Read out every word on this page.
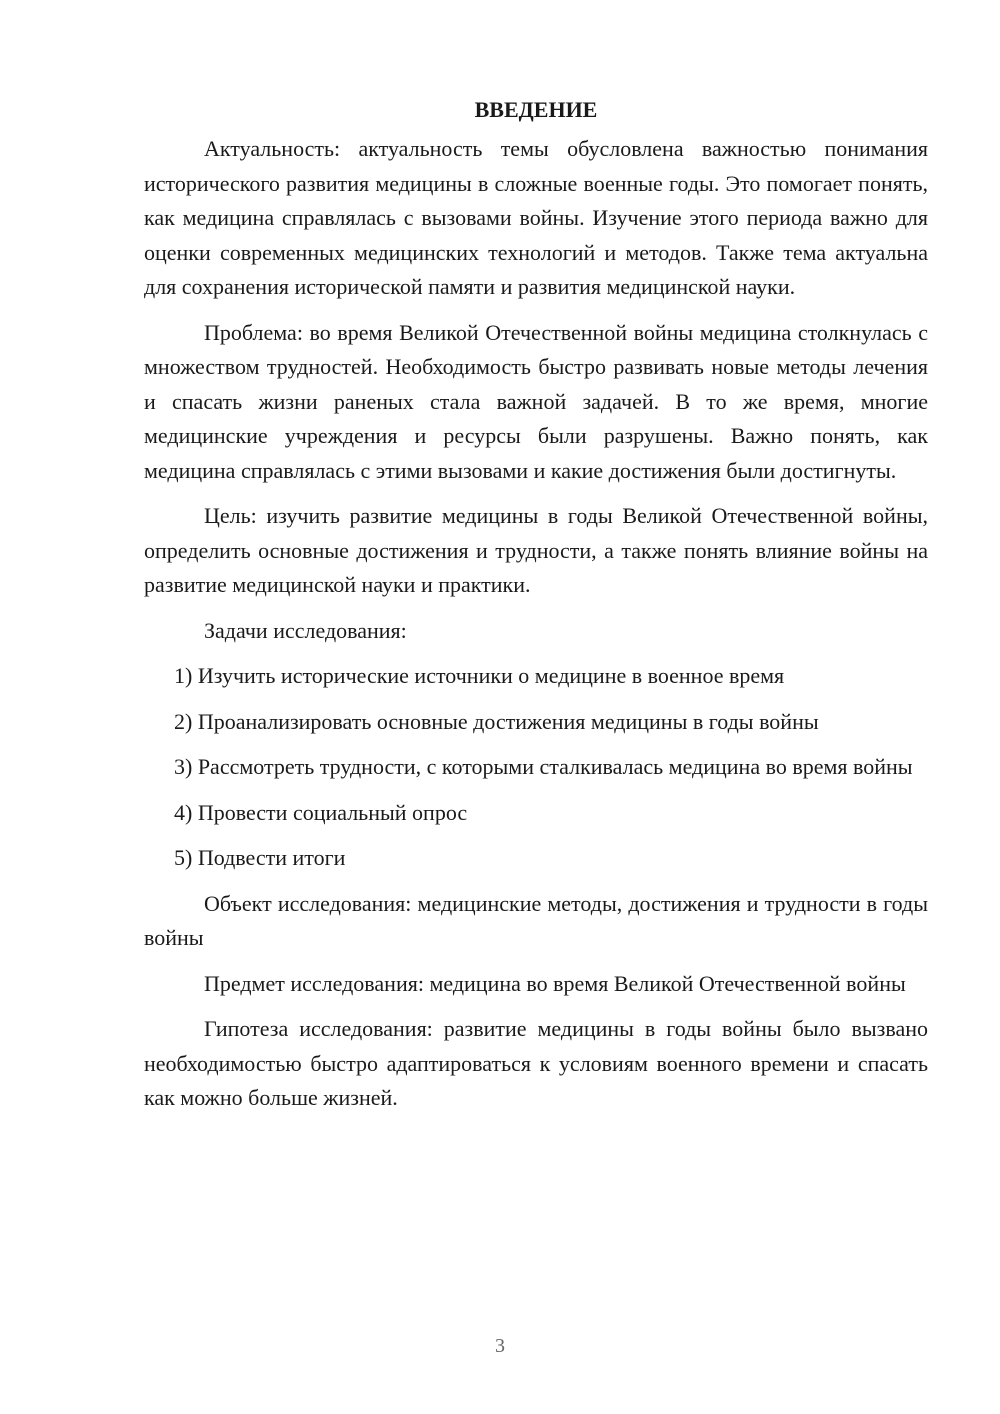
ВВЕДЕНИЕ

Актуальность: актуальность темы обусловлена важностью понимания исторического развития медицины в сложные военные годы. Это помогает понять, как медицина справлялась с вызовами войны. Изучение этого периода важно для оценки современных медицинских технологий и методов. Также тема актуальна для сохранения исторической памяти и развития медицинской науки.

Проблема: во время Великой Отечественной войны медицина столкнулась с множеством трудностей. Необходимость быстро развивать новые методы лечения и спасать жизни раненых стала важной задачей. В то же время, многие медицинские учреждения и ресурсы были разрушены. Важно понять, как медицина справлялась с этими вызовами и какие достижения были достигнуты.

Цель: изучить развитие медицины в годы Великой Отечественной войны, определить основные достижения и трудности, а также понять влияние войны на развитие медицинской науки и практики.

Задачи исследования:

1) Изучить исторические источники о медицине в военное время

2) Проанализировать основные достижения медицины в годы войны

3) Рассмотреть трудности, с которыми сталкивалась медицина во время войны

4) Провести социальный опрос

5) Подвести итоги

Объект исследования: медицинские методы, достижения и трудности в годы войны

Предмет исследования: медицина во время Великой Отечественной войны

Гипотеза исследования: развитие медицины в годы войны было вызвано необходимостью быстро адаптироваться к условиям военного времени и спасать как можно больше жизней.

3
